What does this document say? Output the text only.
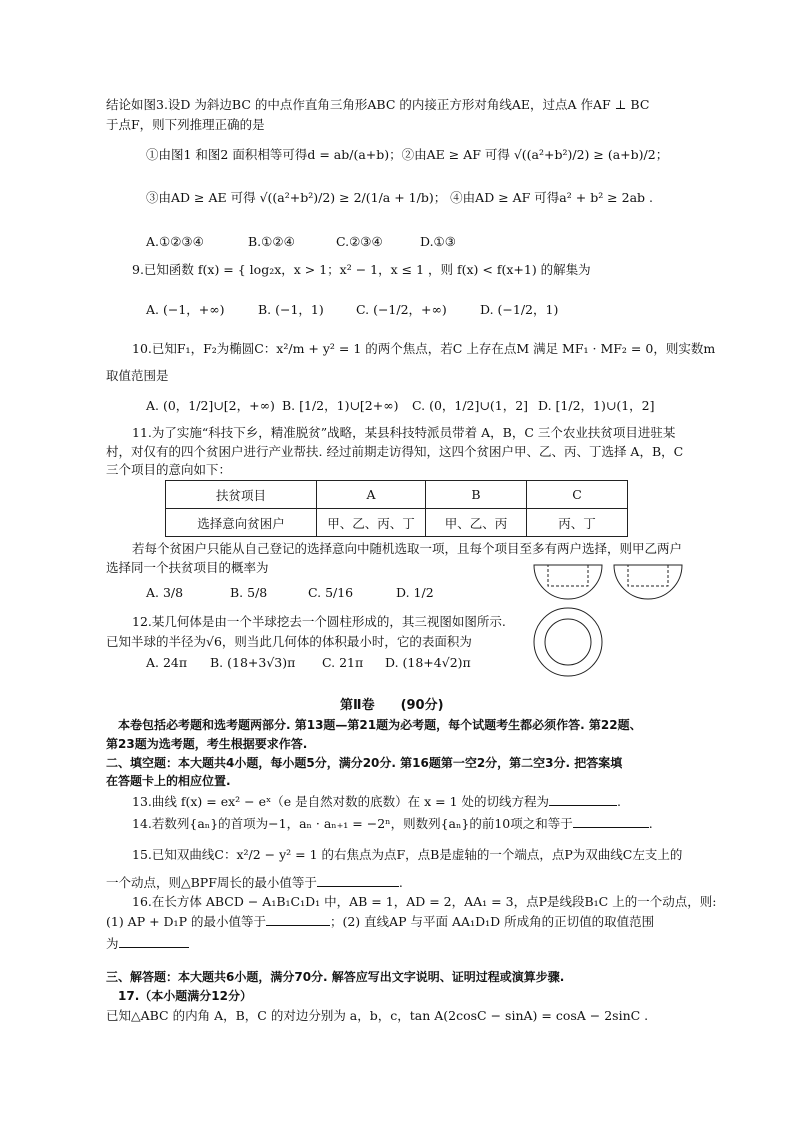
结论如图3.设D 为斜边BC 的中点作直角三角形ABC 的内接正方形对角线AE，过点A 作AF ⊥ BC
于点F，则下列推理正确的是
①由图1 和图2 面积相等可得d = ab/(a+b)；②由AE ≥ AF 可得 √((a²+b²)/2) ≥ (a+b)/2；
③由AD ≥ AE 可得 √((a²+b²)/2) ≥ 2/(1/a + 1/b)； ④由AD ≥ AF 可得a² + b² ≥ 2ab .
A.①②③④	B.①②④	C.②③④	D.①③
9.已知函数 f(x) = { log₂x，x > 1；x² − 1，x ≤ 1 ，则 f(x) < f(x+1) 的解集为
A. (−1，+∞)	B. (−1，1)	C. (−1/2，+∞)	D. (−1/2，1)
10.已知F₁，F₂为椭圆C：x²/m + y² = 1 的两个焦点，若C 上存在点M 满足 MF₁ · MF₂ = 0，则实数m
取值范围是
A. (0，1/2]∪[2，+∞) B. [1/2，1)∪[2+∞) C. (0，1/2]∪(1，2] D. [1/2，1)∪(1，2]
11.为了实施“科技下乡，精准脱贫”战略，某县科技特派员带着 A，B，C 三个农业扶贫项目进驻某
村，对仅有的四个贫困户进行产业帮扶. 经过前期走访得知，这四个贫困户甲、乙、丙、丁选择 A，B，C
三个项目的意向如下：
扶贫项目	A	B	C
选择意向贫困户	甲、乙、丙、丁	甲、乙、丙	丙、丁
若每个贫困户只能从自己登记的选择意向中随机选取一项，且每个项目至多有两户选择，则甲乙两户
选择同一个扶贫项目的概率为
A. 3/8	B. 5/8	C. 5/16	D. 1/2
12.某几何体是由一个半球挖去一个圆柱形成的，其三视图如图所示.
已知半球的半径为√6，则当此几何体的体积最小时，它的表面积为
A. 24π B. (18+3√3)π C. 21π D. (18+4√2)π
第Ⅱ卷　　(90分)
本卷包括必考题和选考题两部分. 第13题—第21题为必考题，每个试题考生都必须作答. 第22题、
第23题为选考题，考生根据要求作答.
二、填空题：本大题共4小题，每小题5分，满分20分. 第16题第一空2分，第二空3分. 把答案填
在答题卡上的相应位置.
13.曲线 f(x) = ex² − eˣ（e 是自然对数的底数）在 x = 1 处的切线方程为	.
14.若数列{aₙ}的首项为−1，aₙ · aₙ₊₁ = −2ⁿ，则数列{aₙ}的前10项之和等于	.
15.已知双曲线C：x²/2 − y² = 1 的右焦点为点F，点B是虚轴的一个端点，点P为双曲线C左支上的
一个动点，则△BPF周长的最小值等于	.
16.在长方体 ABCD − A₁B₁C₁D₁ 中，AB = 1，AD = 2，AA₁ = 3，点P是线段B₁C 上的一个动点，则:
(1) AP + D₁P 的最小值等于	；(2) 直线AP 与平面 AA₁D₁D 所成角的正切值的取值范围
为
三、解答题：本大题共6小题，满分70分. 解答应写出文字说明、证明过程或演算步骤.
17.（本小题满分12分）
已知△ABC 的内角 A，B，C 的对边分别为 a，b，c，tan A(2cosC − sinA) = cosA − 2sinC .
